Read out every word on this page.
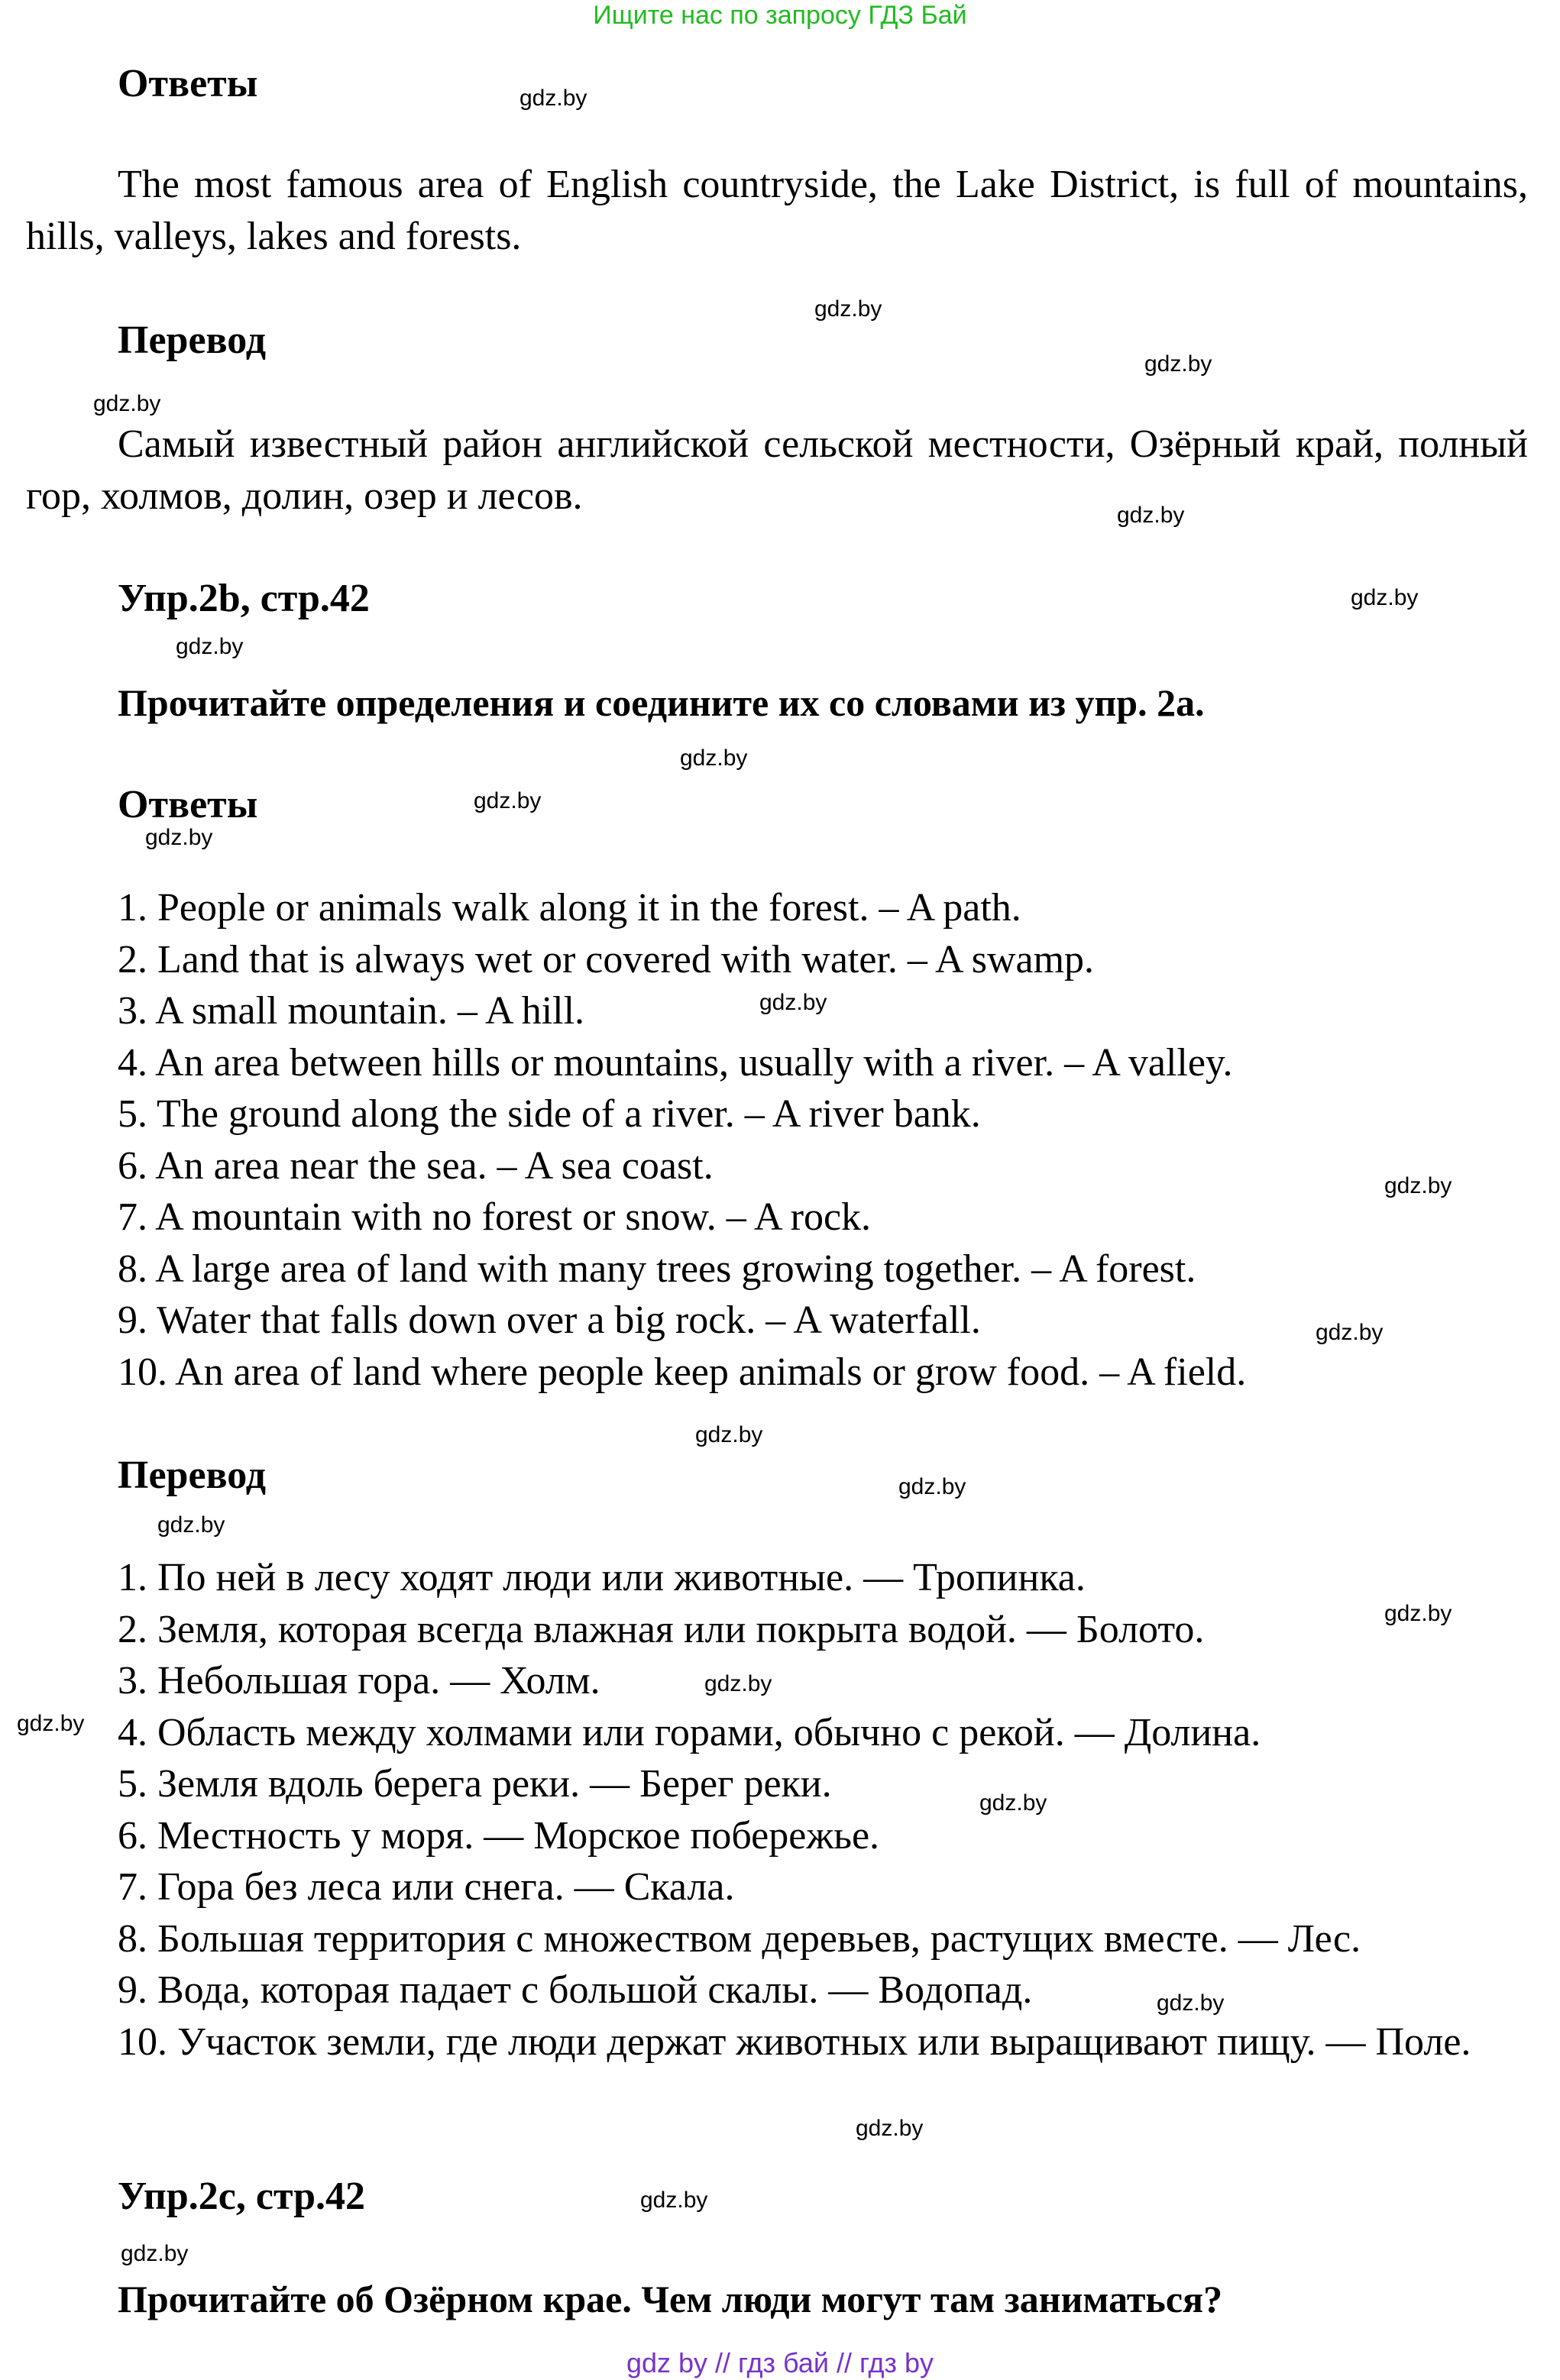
Ищите нас по запросу ГДЗ Бай
Ответы

The most famous area of English countryside, the Lake District, is full of mountains, hills, valleys, lakes and forests.

Перевод

Самый известный район английской сельской местности, Озёрный край, полный гор, холмов, долин, озер и лесов.

Упр.2b, стр.42

Прочитайте определения и соедините их со словами из упр. 2а.

Ответы
1. People or animals walk along it in the forest. – A path.
2. Land that is always wet or covered with water. – A swamp.
3. A small mountain. – A hill.
4. An area between hills or mountains, usually with a river. – A valley.
5. The ground along the side of a river. – A river bank.
6. An area near the sea. – A sea coast.
7. A mountain with no forest or snow. – A rock.
8. A large area of land with many trees growing together. – A forest.
9. Water that falls down over a big rock. – A waterfall.
10. An area of land where people keep animals or grow food. – A field.
Перевод
1. По ней в лесу ходят люди или животные. — Тропинка.
2. Земля, которая всегда влажная или покрыта водой. — Болото.
3. Небольшая гора. — Холм.
4. Область между холмами или горами, обычно с рекой. — Долина.
5. Земля вдоль берега реки. — Берег реки.
6. Местность у моря. — Морское побережье.
7. Гора без леса или снега. — Скала.
8. Большая территория с множеством деревьев, растущих вместе. — Лес.
9. Вода, которая падает с большой скалы. — Водопад.
10. Участок земли, где люди держат животных или выращивают пищу. — Поле.
Упр.2c, стр.42

Прочитайте об Озёрном крае. Чем люди могут там заниматься?

gdz.by
gdz.by
gdz.by
gdz.by
gdz.by
gdz.by
gdz.by
gdz.by
gdz.by
gdz.by
gdz.by
gdz.by
gdz.by
gdz.by
gdz.by
gdz.by
gdz.by
gdz.by
gdz.by
gdz.by
gdz.by
gdz.by
gdz.by
gdz.by
gdz by // гдз бай // гдз by
